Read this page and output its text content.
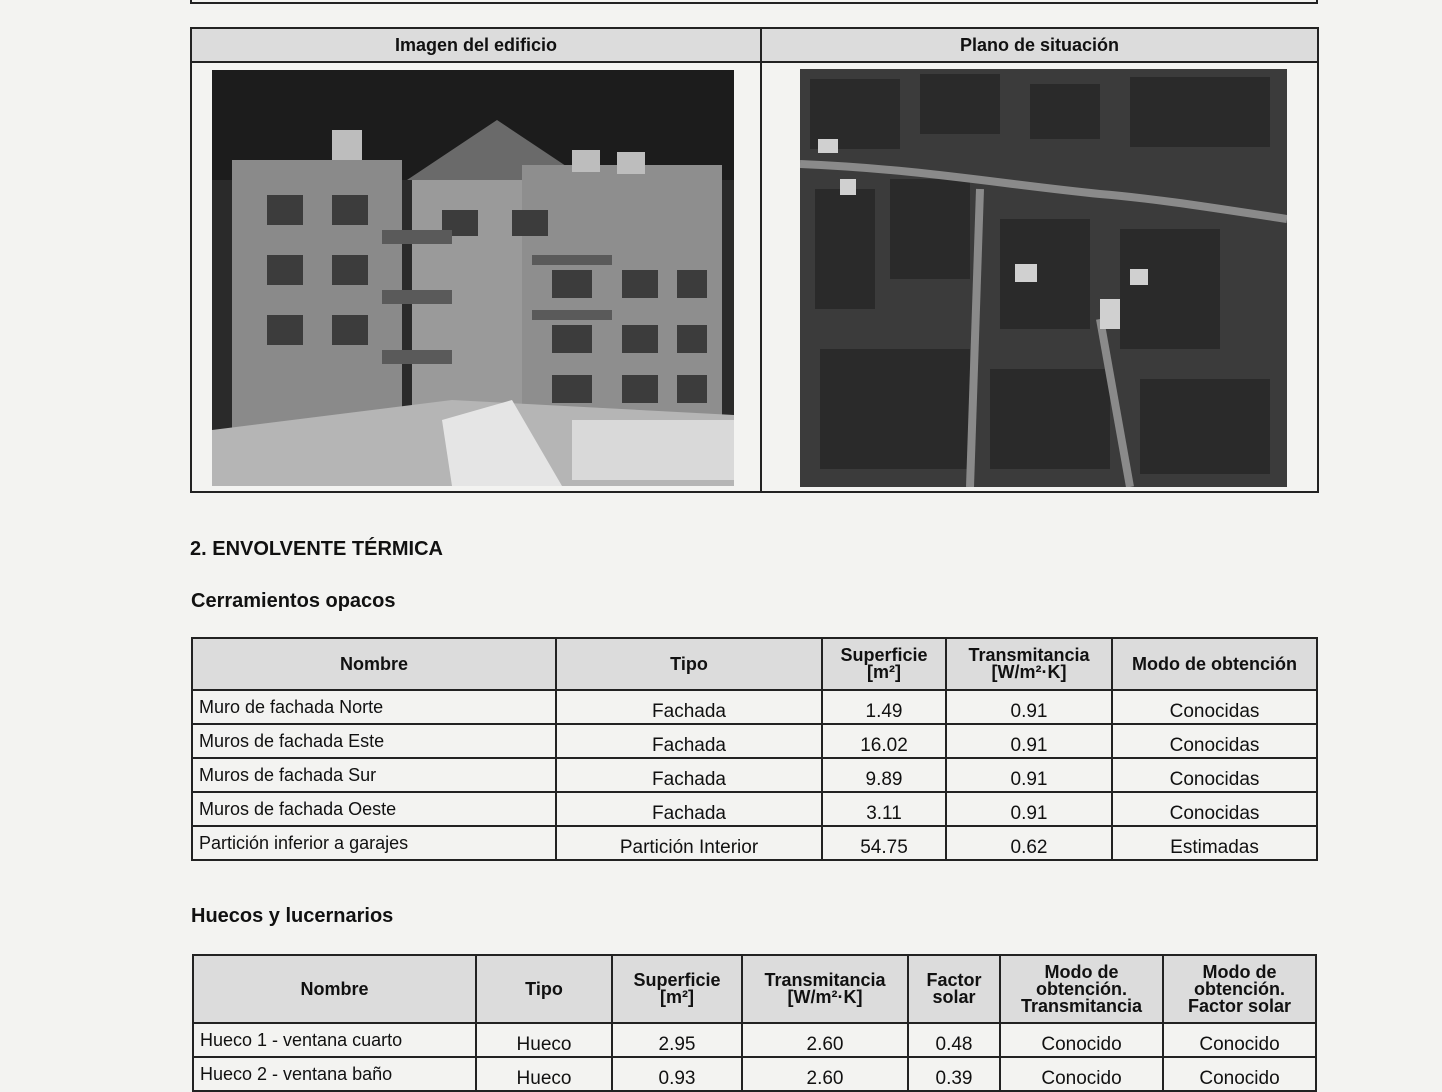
Imagen del edificio	Plano de situación

2. ENVOLVENTE TÉRMICA
Cerramientos opacos
Nombre	Tipo	Superficie [m²]	Transmitancia [W/m²·K]	Modo de obtención
Muro de fachada Norte	Fachada	1.49	0.91	Conocidas
Muros de fachada Este	Fachada	16.02	0.91	Conocidas
Muros de fachada Sur	Fachada	9.89	0.91	Conocidas
Muros de fachada Oeste	Fachada	3.11	0.91	Conocidas
Partición inferior a garajes	Partición Interior	54.75	0.62	Estimadas
Huecos y lucernarios
Nombre	Tipo	Superficie [m²]	Transmitancia [W/m²·K]	Factor solar	Modo de obtención. Transmitancia	Modo de obtención. Factor solar
Hueco 1 - ventana cuarto	Hueco	2.95	2.60	0.48	Conocido	Conocido
Hueco 2 - ventana baño	Hueco	0.93	2.60	0.39	Conocido	Conocido
